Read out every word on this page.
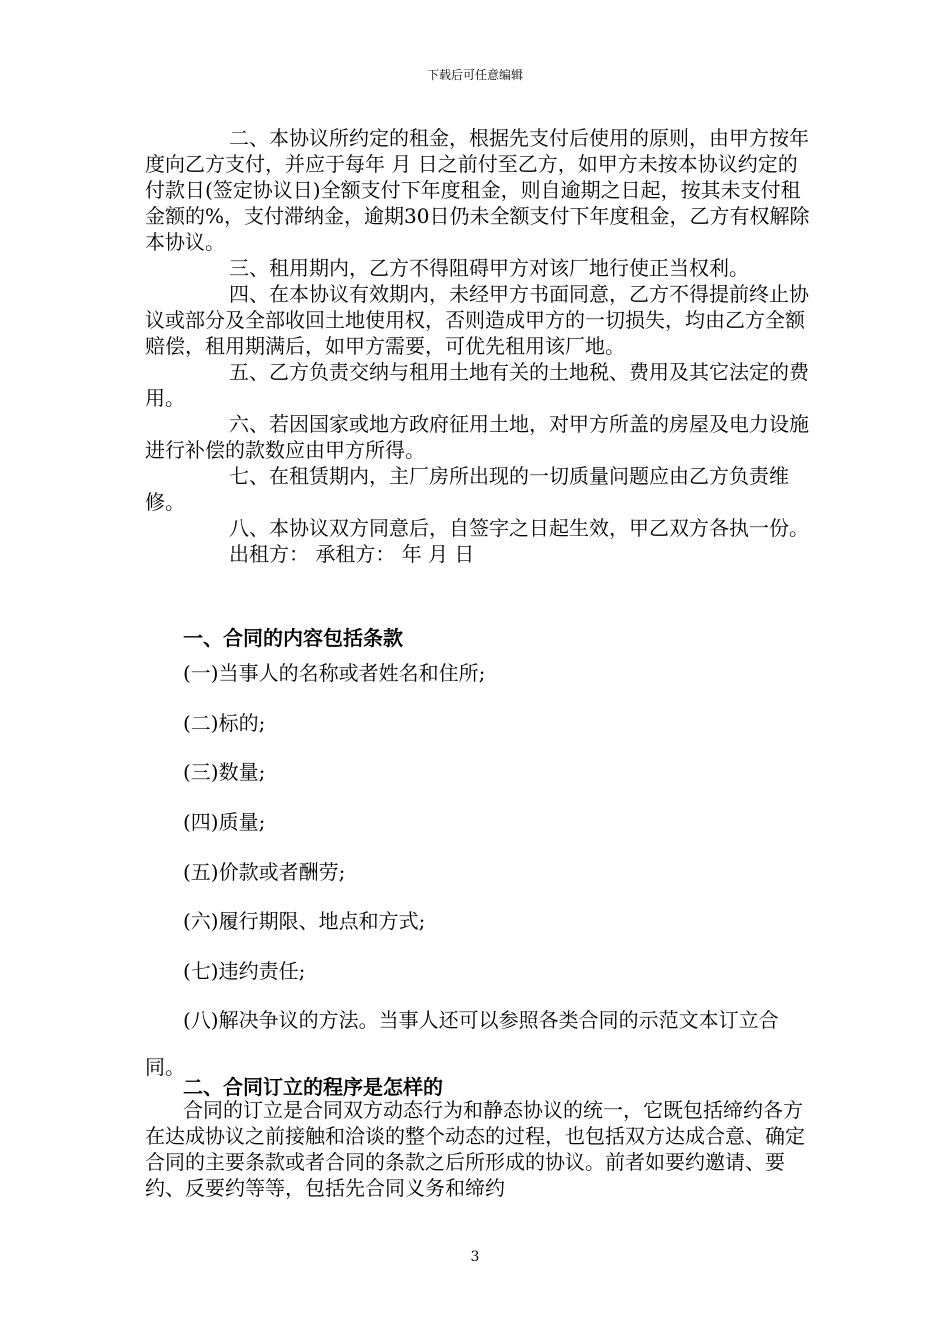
下载后可任意编辑

二、本协议所约定的租金，根据先支付后使用的原则，由甲方按年度向乙方支付，并应于每年 月 日之前付至乙方，如甲方未按本协议约定的付款日(签定协议日)全额支付下年度租金，则自逾期之日起，按其未支付租金额的%，支付滞纳金，逾期30日仍未全额支付下年度租金，乙方有权解除本协议。

三、租用期内，乙方不得阻碍甲方对该厂地行使正当权利。

四、在本协议有效期内，未经甲方书面同意，乙方不得提前终止协议或部分及全部收回土地使用权，否则造成甲方的一切损失，均由乙方全额赔偿，租用期满后，如甲方需要，可优先租用该厂地。

五、乙方负责交纳与租用土地有关的土地税、费用及其它法定的费用。

六、若因国家或地方政府征用土地，对甲方所盖的房屋及电力设施进行补偿的款数应由甲方所得。

七、在租赁期内，主厂房所出现的一切质量问题应由乙方负责维修。

八、本协议双方同意后，自签字之日起生效，甲乙双方各执一份。

出租方： 承租方： 年 月 日

一、合同的内容包括条款

(一)当事人的名称或者姓名和住所;

(二)标的;

(三)数量;

(四)质量;

(五)价款或者酬劳;

(六)履行期限、地点和方式;

(七)违约责任;

(八)解决争议的方法。当事人还可以参照各类合同的示范文本订立合同。

二、合同订立的程序是怎样的

合同的订立是合同双方动态行为和静态协议的统一，它既包括缔约各方在达成协议之前接触和洽谈的整个动态的过程，也包括双方达成合意、确定合同的主要条款或者合同的条款之后所形成的协议。前者如要约邀请、要约、反要约等等，包括先合同义务和缔约

3
